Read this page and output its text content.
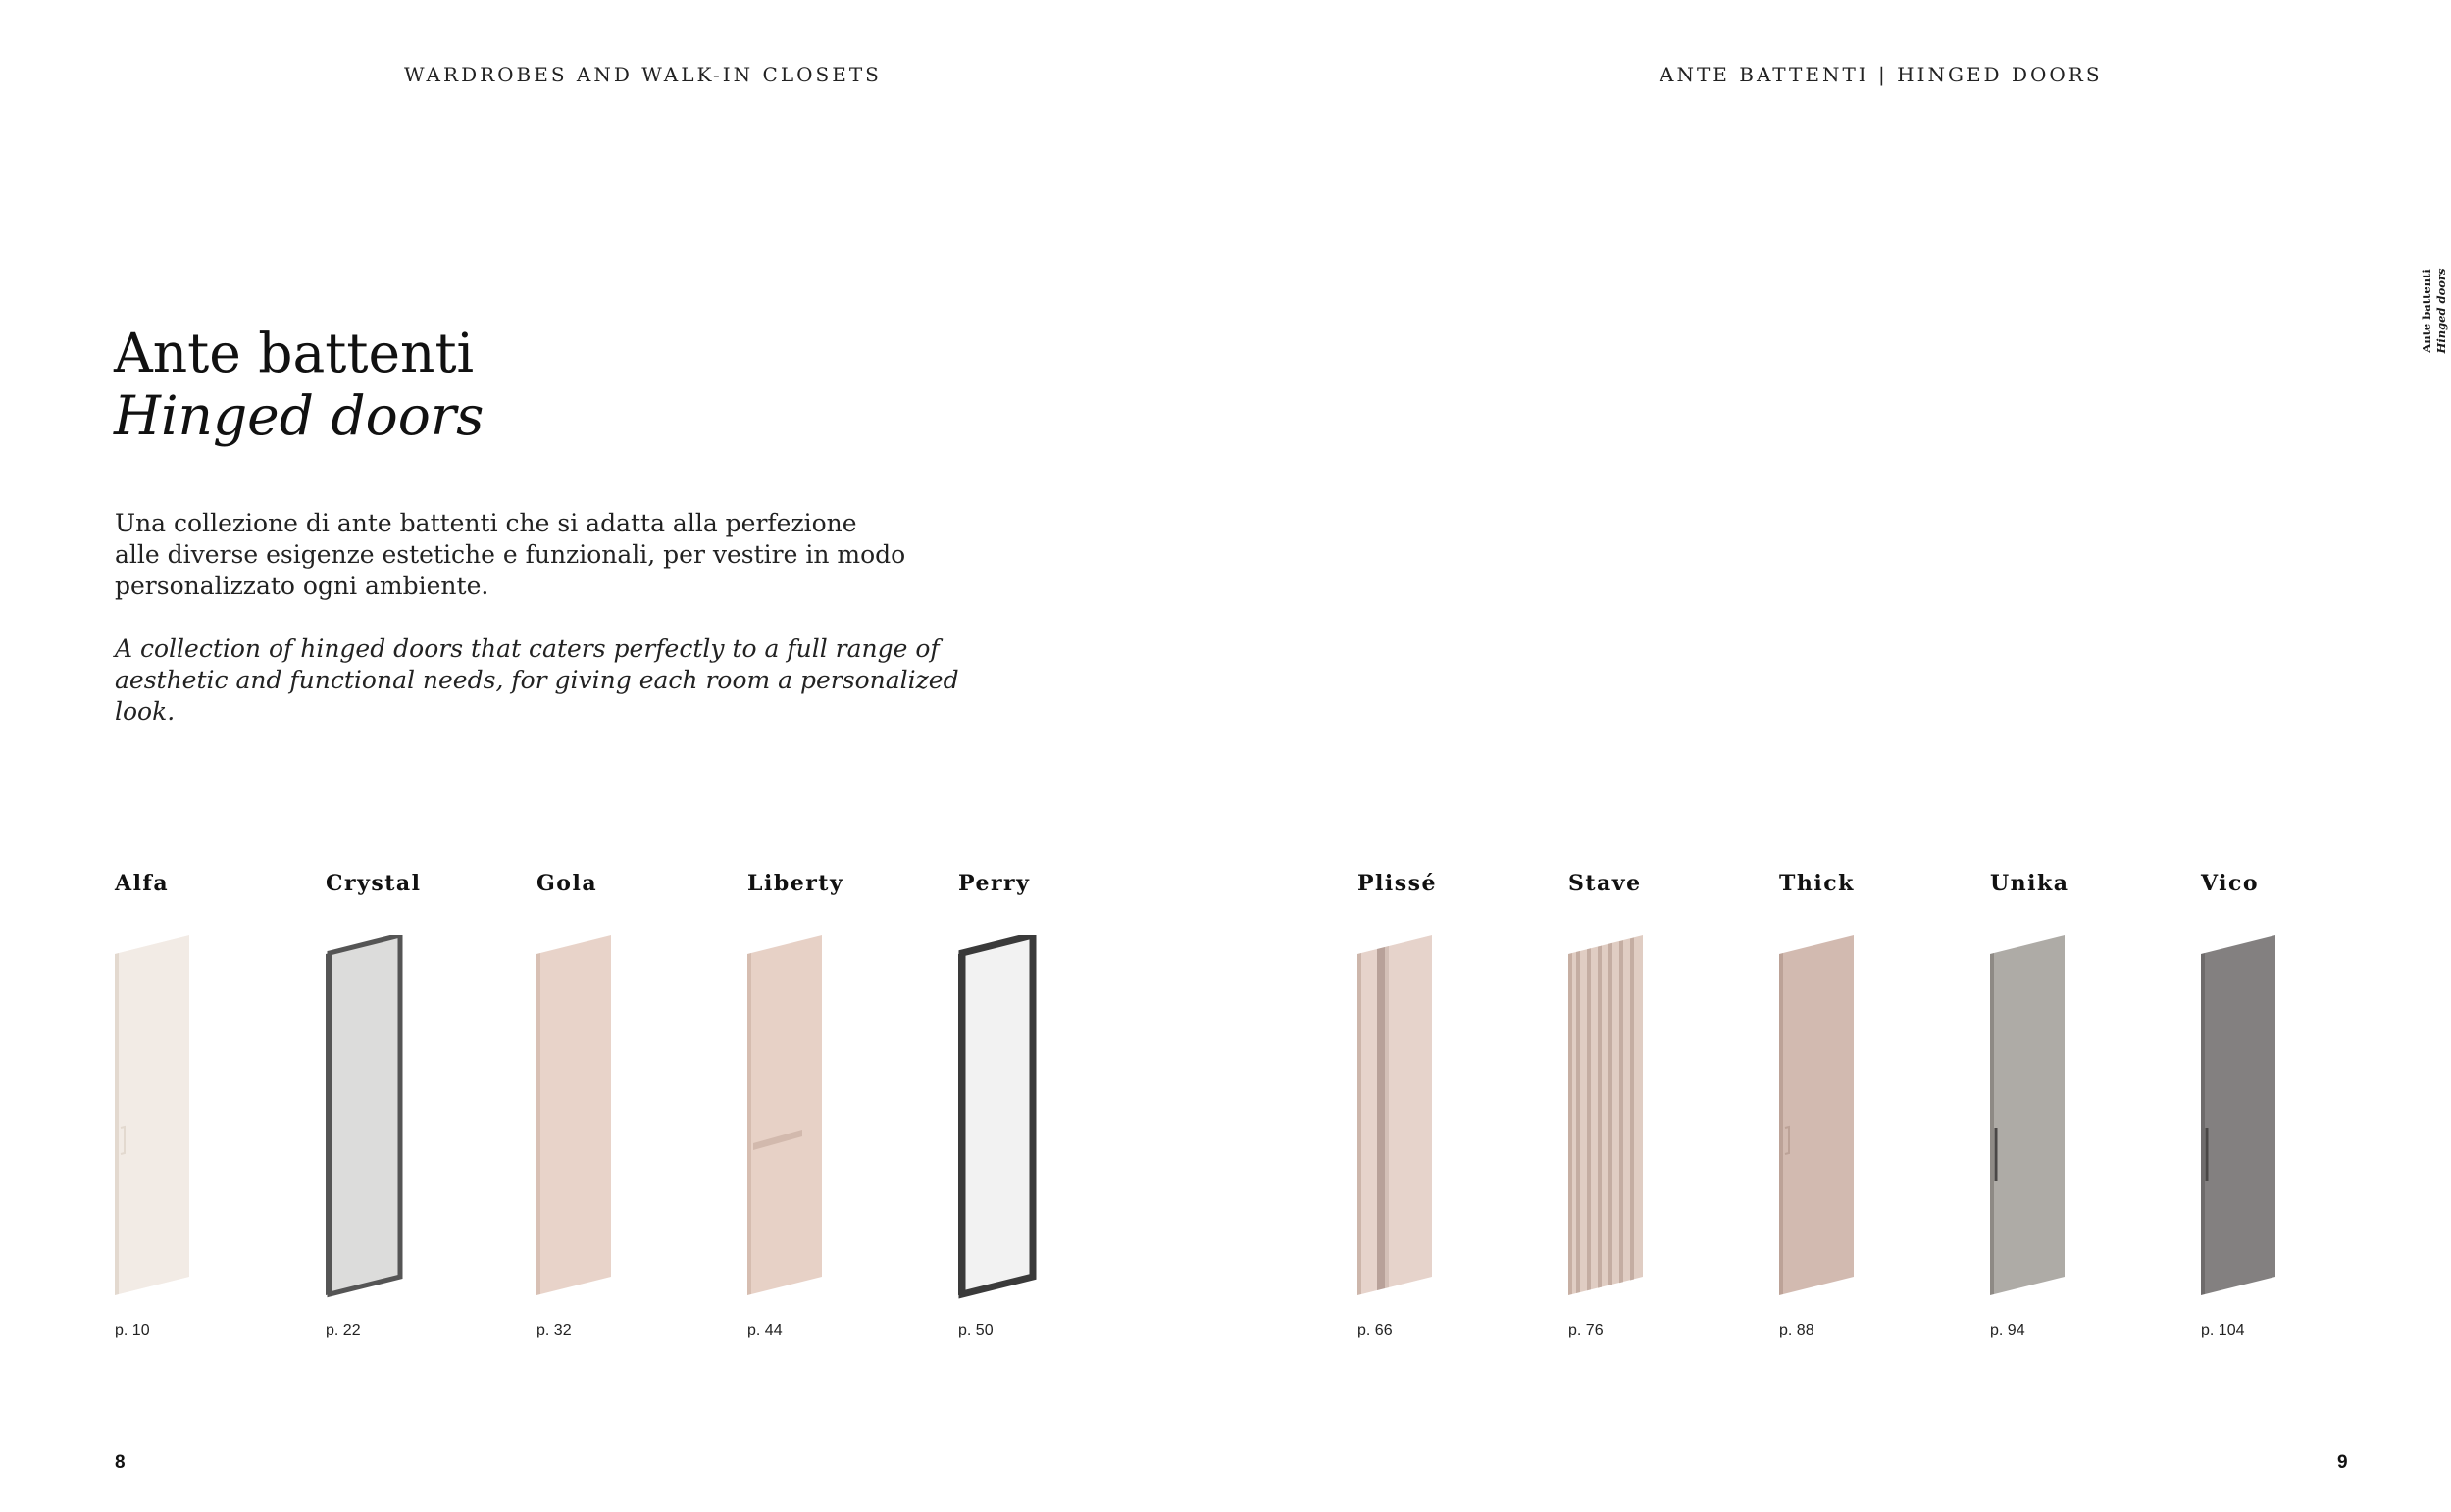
WARDROBES AND WALK-IN CLOSETS	ANTE BATTENTI | HINGED DOORS
Ante battenti Hinged doors
Ante battenti
Hinged doors

Una collezione di ante battenti che si adatta alla perfezione
alle diverse esigenze estetiche e funzionali, per vestire in modo
personalizzato ogni ambiente.

A collection of hinged doors that caters perfectly to a full range of
aesthetic and functional needs, for giving each room a personalized
look.

Alfa
p. 10
Crystal
p. 22
Gola
p. 32
Liberty
p. 44
Perry
p. 50
Plissé
p. 66
Stave
p. 76
Thick
p. 88
Unika
p. 94
Vico
p. 104
8	9
